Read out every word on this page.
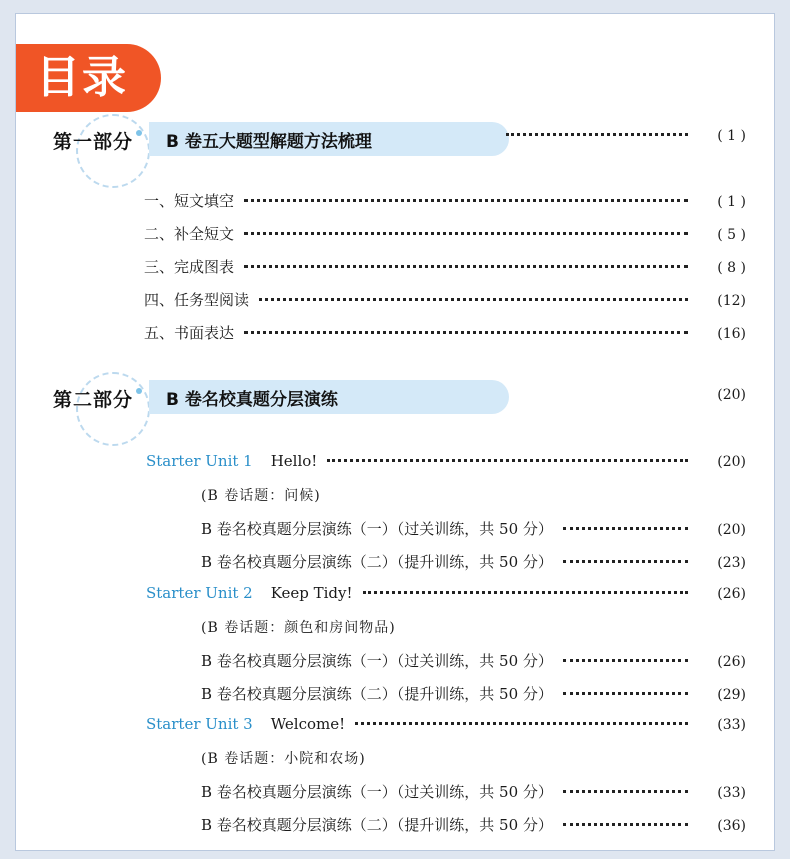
目录
第一部分 B 卷五大题型解题方法梳理	( 1 )
一、短文填空	( 1 )
二、补全短文	( 5 )
三、完成图表	( 8 )
四、任务型阅读	(12)
五、书面表达	(16)
第二部分 B 卷名校真题分层演练	(20)
Starter Unit 1 Hello!	(20)
(B 卷话题：问候)
B 卷名校真题分层演练（一）（过关训练，共 50 分）	(20)
B 卷名校真题分层演练（二）（提升训练，共 50 分）	(23)
Starter Unit 2 Keep Tidy!	(26)
(B 卷话题：颜色和房间物品)
B 卷名校真题分层演练（一）（过关训练，共 50 分）	(26)
B 卷名校真题分层演练（二）（提升训练，共 50 分）	(29)
Starter Unit 3 Welcome!	(33)
(B 卷话题：小院和农场)
B 卷名校真题分层演练（一）（过关训练，共 50 分）	(33)
B 卷名校真题分层演练（二）（提升训练，共 50 分）	(36)
